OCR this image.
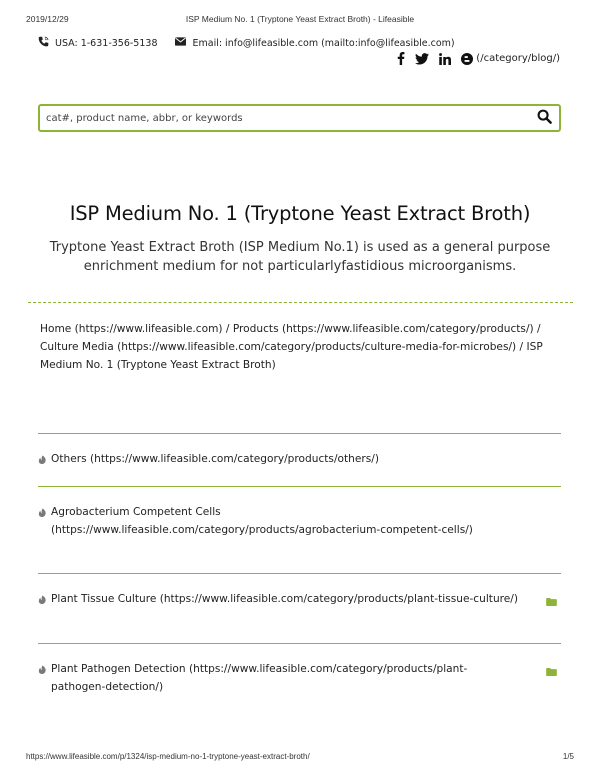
2019/12/29	ISP Medium No. 1 (Tryptone Yeast Extract Broth) - Lifeasible
USA: 1-631-356-5138	Email: info@lifeasible.com (mailto:info@lifeasible.com)
(/category/blog/)
cat#, product name, abbr, or keywords
ISP Medium No. 1 (Tryptone Yeast Extract Broth)

Tryptone Yeast Extract Broth (ISP Medium No.1) is used as a general purpose enrichment medium for not particularlyfastidious microorganisms.

Home (https://www.lifeasible.com) / Products (https://www.lifeasible.com/category/products/) / Culture Media (https://www.lifeasible.com/category/products/culture-media-for-microbes/) / ISP Medium No. 1 (Tryptone Yeast Extract Broth)
Others (https://www.lifeasible.com/category/products/others/)
Agrobacterium Competent Cells (https://www.lifeasible.com/category/products/agrobacterium-competent-cells/)
Plant Tissue Culture (https://www.lifeasible.com/category/products/plant-tissue-culture/)
Plant Pathogen Detection (https://www.lifeasible.com/category/products/plant-pathogen-detection/)
https://www.lifeasible.com/p/1324/isp-medium-no-1-tryptone-yeast-extract-broth/	1/5
